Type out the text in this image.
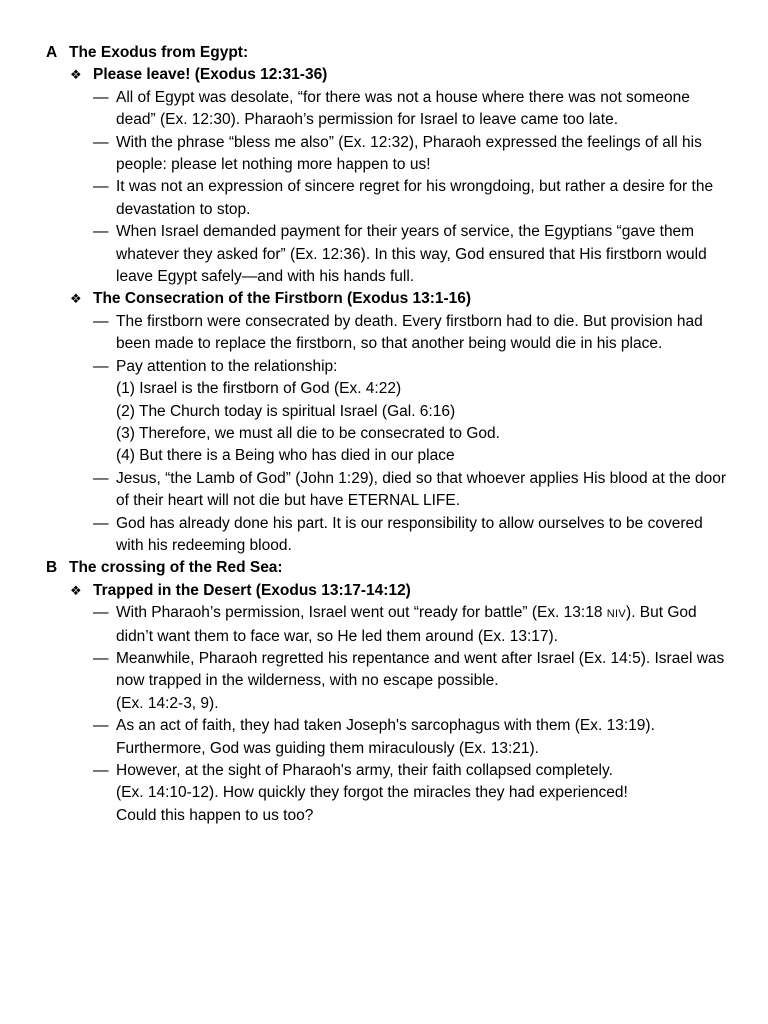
A The Exodus from Egypt:
❖ Please leave! (Exodus 12:31-36)
— All of Egypt was desolate, “for there was not a house where there was not someone dead” (Ex. 12:30). Pharaoh’s permission for Israel to leave came too late.
— With the phrase “bless me also” (Ex. 12:32), Pharaoh expressed the feelings of all his people: please let nothing more happen to us!
— It was not an expression of sincere regret for his wrongdoing, but rather a desire for the devastation to stop.
— When Israel demanded payment for their years of service, the Egyptians “gave them whatever they asked for” (Ex. 12:36). In this way, God ensured that His firstborn would leave Egypt safely—and with his hands full.
❖ The Consecration of the Firstborn (Exodus 13:1-16)
— The firstborn were consecrated by death. Every firstborn had to die. But provision had been made to replace the firstborn, so that another being would die in his place.
— Pay attention to the relationship:
(1) Israel is the firstborn of God (Ex. 4:22)
(2) The Church today is spiritual Israel (Gal. 6:16)
(3) Therefore, we must all die to be consecrated to God.
(4) But there is a Being who has died in our place
— Jesus, “the Lamb of God” (John 1:29), died so that whoever applies His blood at the door of their heart will not die but have ETERNAL LIFE.
— God has already done his part. It is our responsibility to allow ourselves to be covered with his redeeming blood.
B The crossing of the Red Sea:
❖ Trapped in the Desert (Exodus 13:17-14:12)
— With Pharaoh’s permission, Israel went out “ready for battle” (Ex. 13:18 NIV). But God didn’t want them to face war, so He led them around (Ex. 13:17).
— Meanwhile, Pharaoh regretted his repentance and went after Israel (Ex. 14:5). Israel was now trapped in the wilderness, with no escape possible.
(Ex. 14:2-3, 9).
— As an act of faith, they had taken Joseph's sarcophagus with them (Ex. 13:19). Furthermore, God was guiding them miraculously (Ex. 13:21).
— However, at the sight of Pharaoh's army, their faith collapsed completely.
(Ex. 14:10-12). How quickly they forgot the miracles they had experienced!
Could this happen to us too?
